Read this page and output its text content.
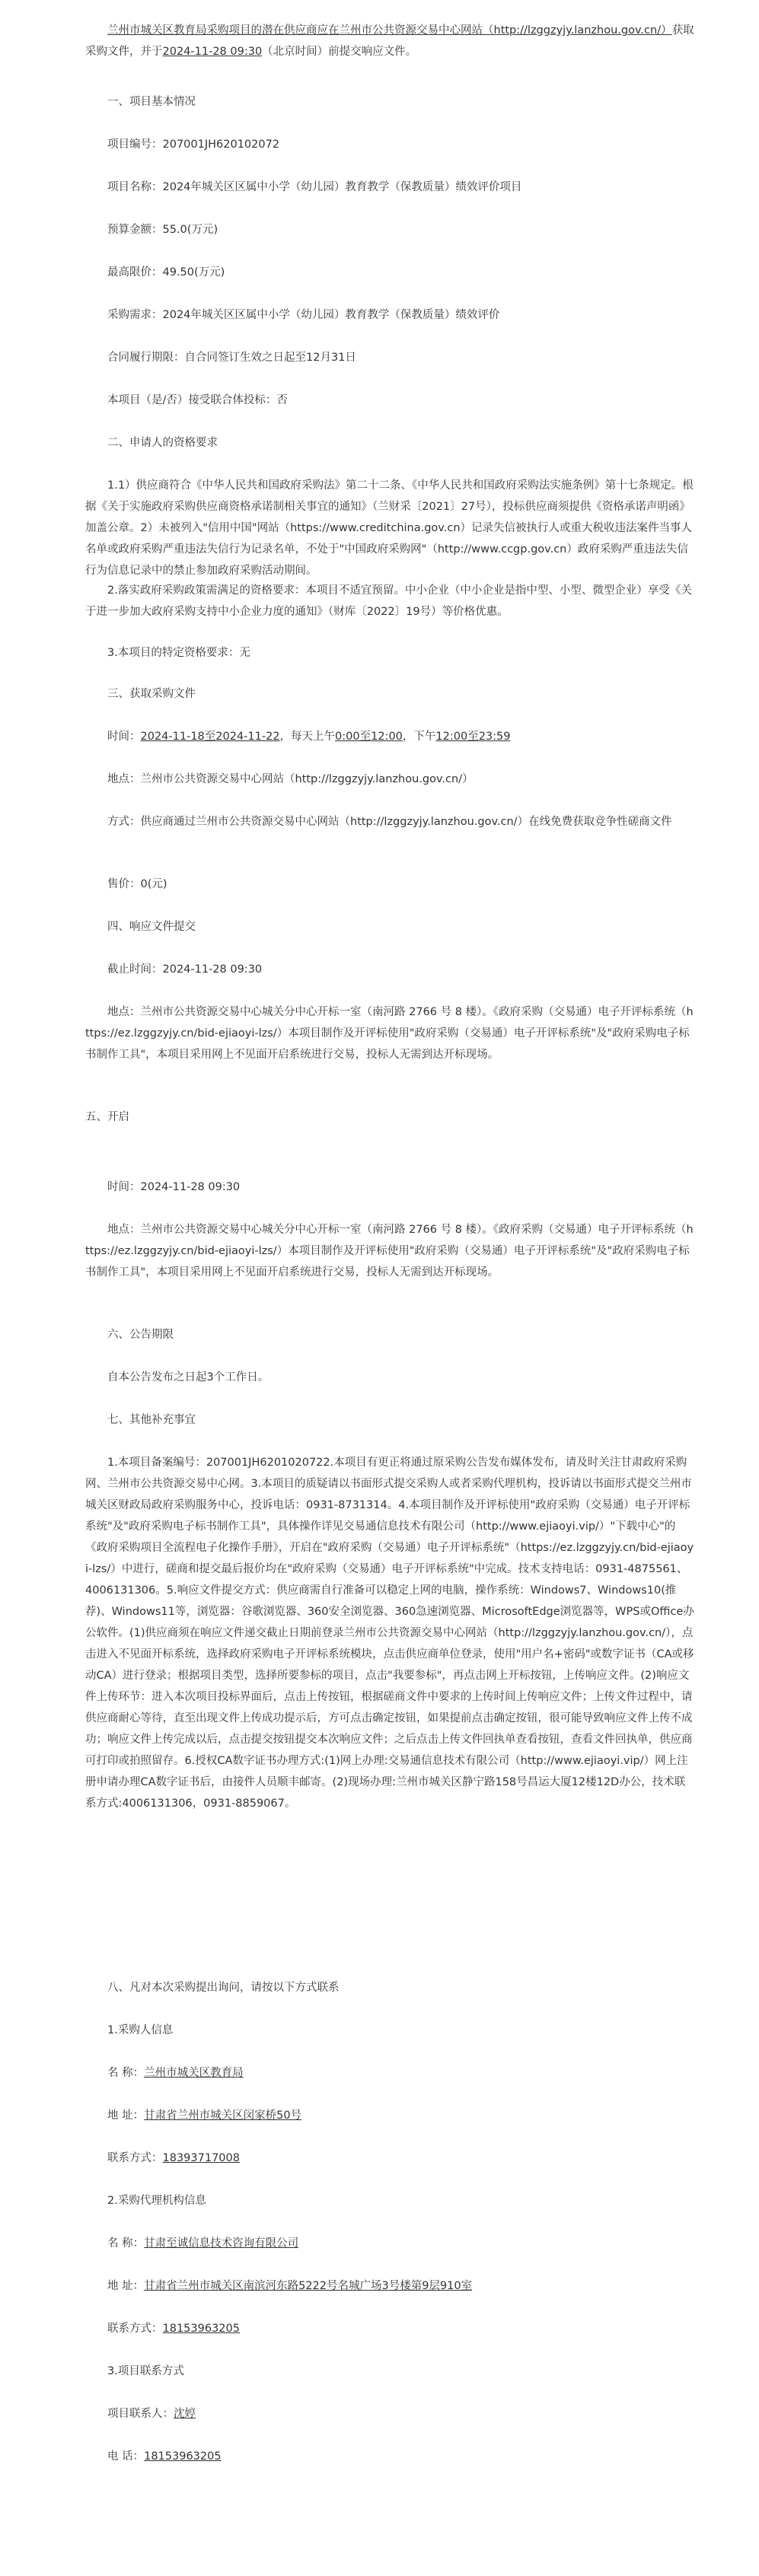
兰州市城关区教育局采购项目的潜在供应商应在兰州市公共资源交易中心网站（http://lzggzyjy.lanzhou.gov.cn/）获取采购文件，并于2024-11-28 09:30（北京时间）前提交响应文件。

一、项目基本情况

项目编号：207001JH620102072

项目名称：2024年城关区区属中小学（幼儿园）教育教学（保教质量）绩效评价项目

预算金额：55.0(万元)

最高限价：49.50(万元)

采购需求：2024年城关区区属中小学（幼儿园）教育教学（保教质量）绩效评价

合同履行期限：自合同签订生效之日起至12月31日

本项目（是/否）接受联合体投标：否

二、申请人的资格要求

1.1）供应商符合《中华人民共和国政府采购法》第二十二条、《中华人民共和国政府采购法实施条例》第十七条规定。根据《关于实施政府采购供应商资格承诺制相关事宜的通知》（兰财采〔2021〕27号），投标供应商须提供《资格承诺声明函》加盖公章。2）未被列入"信用中国"网站（https://www.creditchina.gov.cn）记录失信被执行人或重大税收违法案件当事人名单或政府采购严重违法失信行为记录名单，不处于"中国政府采购网"（http://www.ccgp.gov.cn）政府采购严重违法失信行为信息记录中的禁止参加政府采购活动期间。

2.落实政府采购政策需满足的资格要求：本项目不适宜预留。中小企业（中小企业是指中型、小型、微型企业）享受《关于进一步加大政府采购支持中小企业力度的通知》（财库〔2022〕19号）等价格优惠。

3.本项目的特定资格要求：无

三、获取采购文件

时间：2024-11-18至2024-11-22，每天上午0:00至12:00，下午12:00至23:59

地点：兰州市公共资源交易中心网站（http://lzggzyjy.lanzhou.gov.cn/）

方式：供应商通过兰州市公共资源交易中心网站（http://lzggzyjy.lanzhou.gov.cn/）在线免费获取竞争性磋商文件

售价：0(元)

四、响应文件提交

截止时间：2024-11-28 09:30

地点：兰州市公共资源交易中心城关分中心开标一室（南河路 2766 号 8 楼）。《政府采购（交易通）电子开评标系统（https://ez.lzggzyjy.cn/bid-ejiaoyi-lzs/）本项目制作及开评标使用"政府采购（交易通）电子开评标系统"及"政府采购电子标书制作工具"，本项目采用网上不见面开启系统进行交易，投标人无需到达开标现场。

五、开启

时间：2024-11-28 09:30

地点：兰州市公共资源交易中心城关分中心开标一室（南河路 2766 号 8 楼）。《政府采购（交易通）电子开评标系统（https://ez.lzggzyjy.cn/bid-ejiaoyi-lzs/）本项目制作及开评标使用"政府采购（交易通）电子开评标系统"及"政府采购电子标书制作工具"，本项目采用网上不见面开启系统进行交易，投标人无需到达开标现场。

六、公告期限

自本公告发布之日起3个工作日。

七、其他补充事宜

1.本项目备案编号：207001JH6201020722.本项目有更正将通过原采购公告发布媒体发布，请及时关注甘肃政府采购网、兰州市公共资源交易中心网。3.本项目的质疑请以书面形式提交采购人或者采购代理机构，投诉请以书面形式提交兰州市城关区财政局政府采购服务中心，投诉电话：0931-8731314。4.本项目制作及开评标使用"政府采购（交易通）电子开评标系统"及"政府采购电子标书制作工具"，具体操作详见交易通信息技术有限公司（http://www.ejiaoyi.vip/）"下载中心"的《政府采购项目全流程电子化操作手册》，开启在"政府采购（交易通）电子开评标系统"（https://ez.lzggzyjy.cn/bid-ejiaoyi-lzs/）中进行，磋商和提交最后报价均在"政府采购（交易通）电子开评标系统"中完成。技术支持电话：0931-4875561、4006131306。5.响应文件提交方式：供应商需自行准备可以稳定上网的电脑，操作系统：Windows7、Windows10(推荐)、Windows11等，浏览器：谷歌浏览器、360安全浏览器、360急速浏览器、MicrosoftEdge浏览器等，WPS或Office办公软件。(1)供应商须在响应文件递交截止日期前登录兰州市公共资源交易中心网站（http://lzggzyjy.lanzhou.gov.cn/），点击进入不见面开标系统，选择政府采购电子开评标系统模块，点击供应商单位登录，使用"用户名+密码"或数字证书（CA或移动CA）进行登录；根据项目类型，选择所要参标的项目，点击"我要参标"，再点击网上开标按钮，上传响应文件。(2)响应文件上传环节：进入本次项目投标界面后，点击上传按钮，根据磋商文件中要求的上传时间上传响应文件；上传文件过程中，请供应商耐心等待，直至出现文件上传成功提示后，方可点击确定按钮，如果提前点击确定按钮，很可能导致响应文件上传不成功；响应文件上传完成以后，点击提交按钮提交本次响应文件；之后点击上传文件回执单查看按钮，查看文件回执单，供应商可打印或拍照留存。6.授权CA数字证书办理方式:(1)网上办理:交易通信息技术有限公司（http://www.ejiaoyi.vip/）网上注册申请办理CA数字证书后，由接件人员顺丰邮寄。(2)现场办理:兰州市城关区静宁路158号昌运大厦12楼12D办公，技术联系方式:4006131306，0931-8859067。

八、凡对本次采购提出询问，请按以下方式联系

1.采购人信息

名 称：兰州市城关区教育局

地 址：甘肃省兰州市城关区闵家桥50号

联系方式：18393717008

2.采购代理机构信息

名 称：甘肃至诚信息技术咨询有限公司

地 址：甘肃省兰州市城关区南滨河东路5222号名城广场3号楼第9层910室

联系方式：18153963205

3.项目联系方式

项目联系人：沈婷

电 话：18153963205
